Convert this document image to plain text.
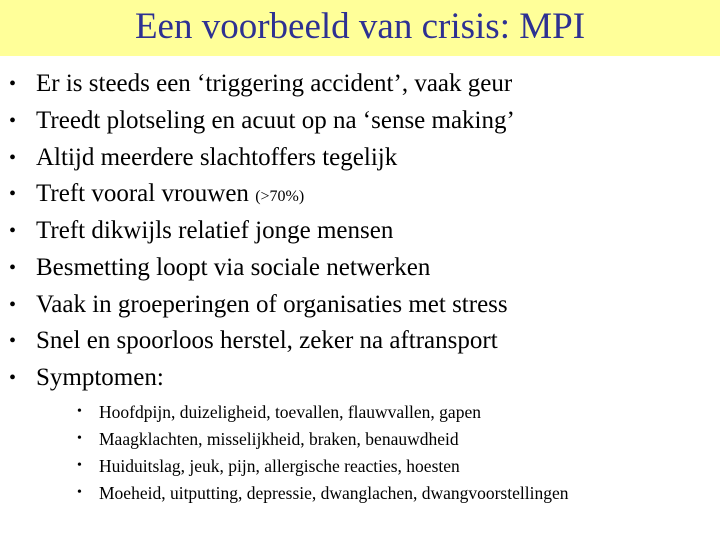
Een voorbeeld van crisis: MPI
• Er is steeds een ‘triggering accident’, vaak geur
• Treedt plotseling en acuut op na ‘sense making’
• Altijd meerdere slachtoffers tegelijk
• Treft vooral vrouwen (>70%)
• Treft dikwijls relatief jonge mensen
• Besmetting loopt via sociale netwerken
• Vaak in groeperingen of organisaties met stress
• Snel en spoorloos herstel, zeker na aftransport
• Symptomen:
• Hoofdpijn, duizeligheid, toevallen, flauwvallen, gapen
• Maagklachten, misselijkheid, braken, benauwdheid
• Huiduitslag, jeuk, pijn, allergische reacties, hoesten
• Moeheid, uitputting, depressie, dwanglachen, dwangvoorstellingen
